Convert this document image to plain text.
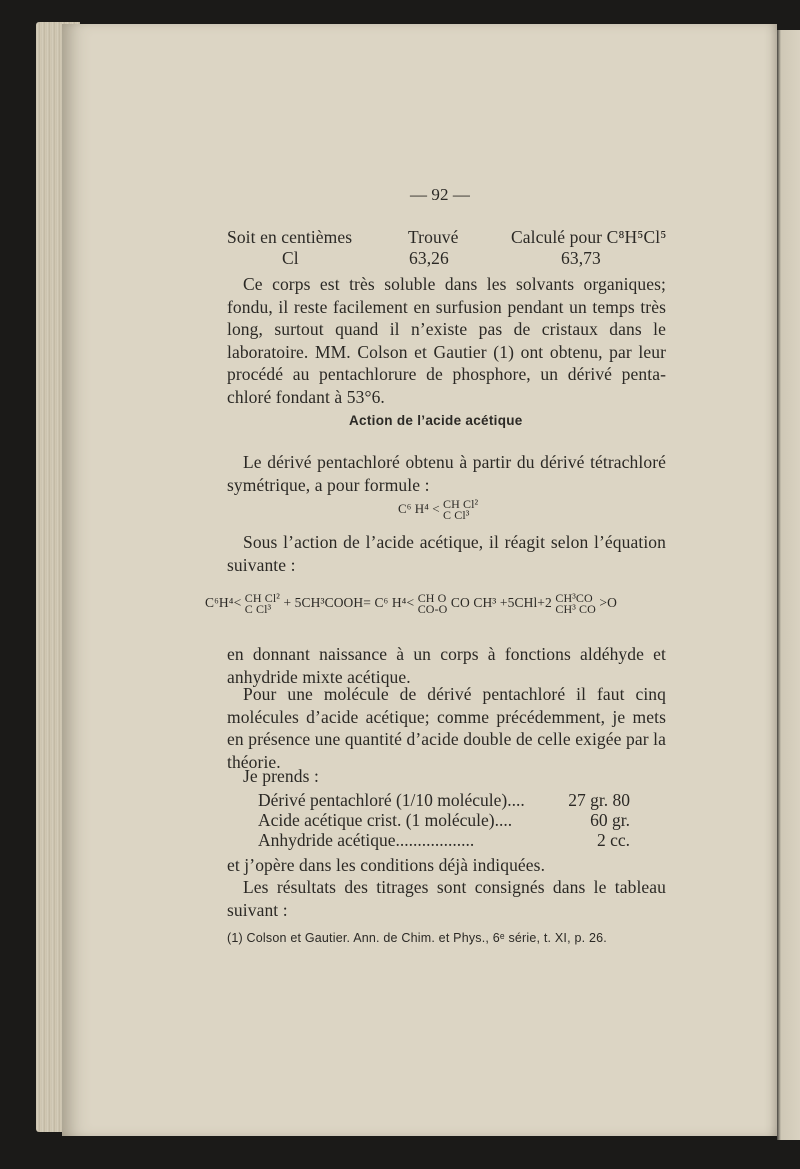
— 92 —
Soit en centièmes	Trouvé	Calculé pour C⁸H⁵Cl⁵
Cl	63,26	63,73
Ce corps est très soluble dans les solvants organiques; fondu, il reste facilement en surfusion pendant un temps très long, surtout quand il n’existe pas de cristaux dans le laboratoire. MM. Colson et Gautier (1) ont obtenu, par leur procédé au pentachlorure de phosphore, un dérivé penta-chloré fondant à 53°6.
Action de l’acide acétique
Le dérivé pentachloré obtenu à partir du dérivé tétrachloré symétrique, a pour formule :
C⁶ H⁴ < CH Cl²
C Cl³
Sous l’action de l’acide acétique, il réagit selon l’équation suivante :
C⁶H⁴< CH Cl²
C Cl³ + 5CH³COOH= C⁶ H⁴< CH O
CO-O CO CH³ +5CHl+2 CH³CO
CH³ CO >O
en donnant naissance à un corps à fonctions aldéhyde et anhydride mixte acétique.
Pour une molécule de dérivé pentachloré il faut cinq molécules d’acide acétique; comme précédemment, je mets en présence une quantité d’acide double de celle exigée par la théorie.
Je prends :
Dérivé pentachloré (1/10 molécule).... 27 gr. 80
Acide acétique crist. (1 molécule)....	60 gr.
Anhydride acétique..................	2 cc.
et j’opère dans les conditions déjà indiquées.
Les résultats des titrages sont consignés dans le tableau suivant :
(1) Colson et Gautier. Ann. de Chim. et Phys., 6ᵉ série, t. XI, p. 26.
